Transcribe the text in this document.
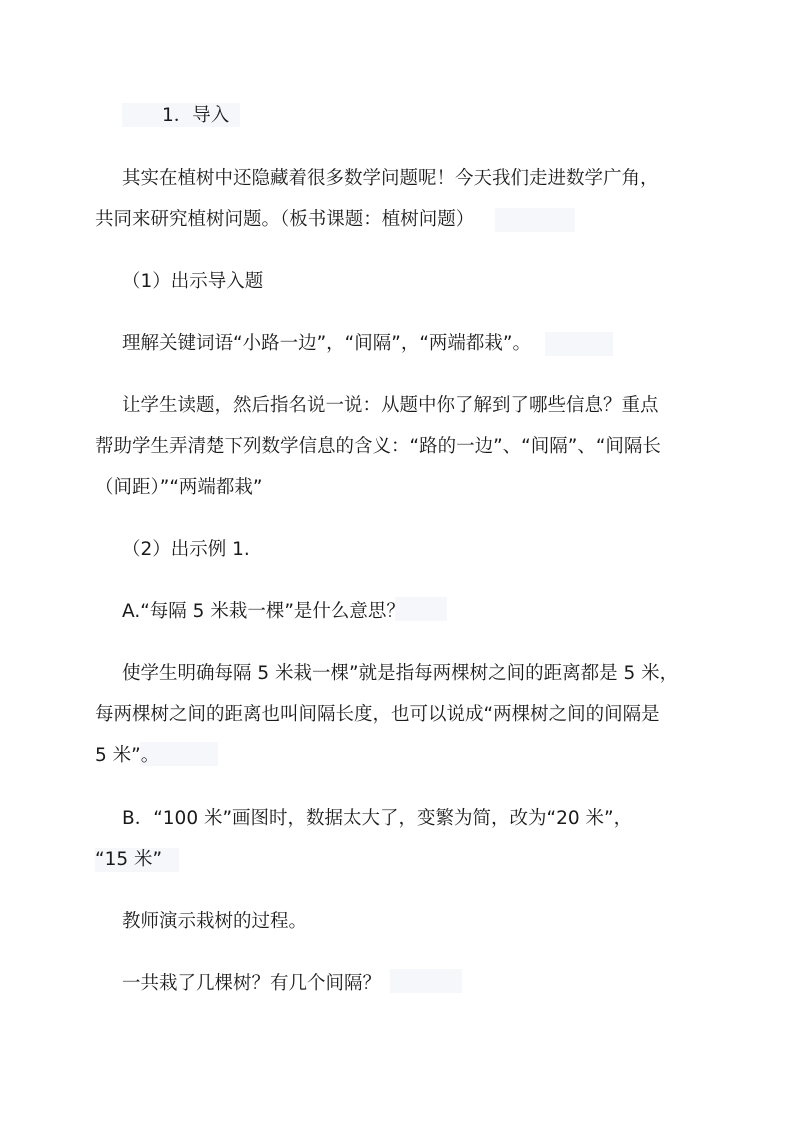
1．导入
其实在植树中还隐藏着很多数学问题呢！今天我们走进数学广角，
共同来研究植树问题。（板书课题：植树问题）
（1）出示导入题
理解关键词语“小路一边”，“间隔”，“两端都栽”。
让学生读题，然后指名说一说：从题中你了解到了哪些信息？重点
帮助学生弄清楚下列数学信息的含义：“路的一边”、“间隔”、“间隔长
（间距）”“两端都栽”
（2）出示例 1.
A.“每隔 5 米栽一棵”是什么意思？
使学生明确每隔 5 米栽一棵”就是指每两棵树之间的距离都是 5 米，
每两棵树之间的距离也叫间隔长度，也可以说成“两棵树之间的间隔是
5 米”。
B．“100 米”画图时，数据太大了，变繁为简，改为“20 米”，
“15 米”
教师演示栽树的过程。
一共栽了几棵树？有几个间隔？
